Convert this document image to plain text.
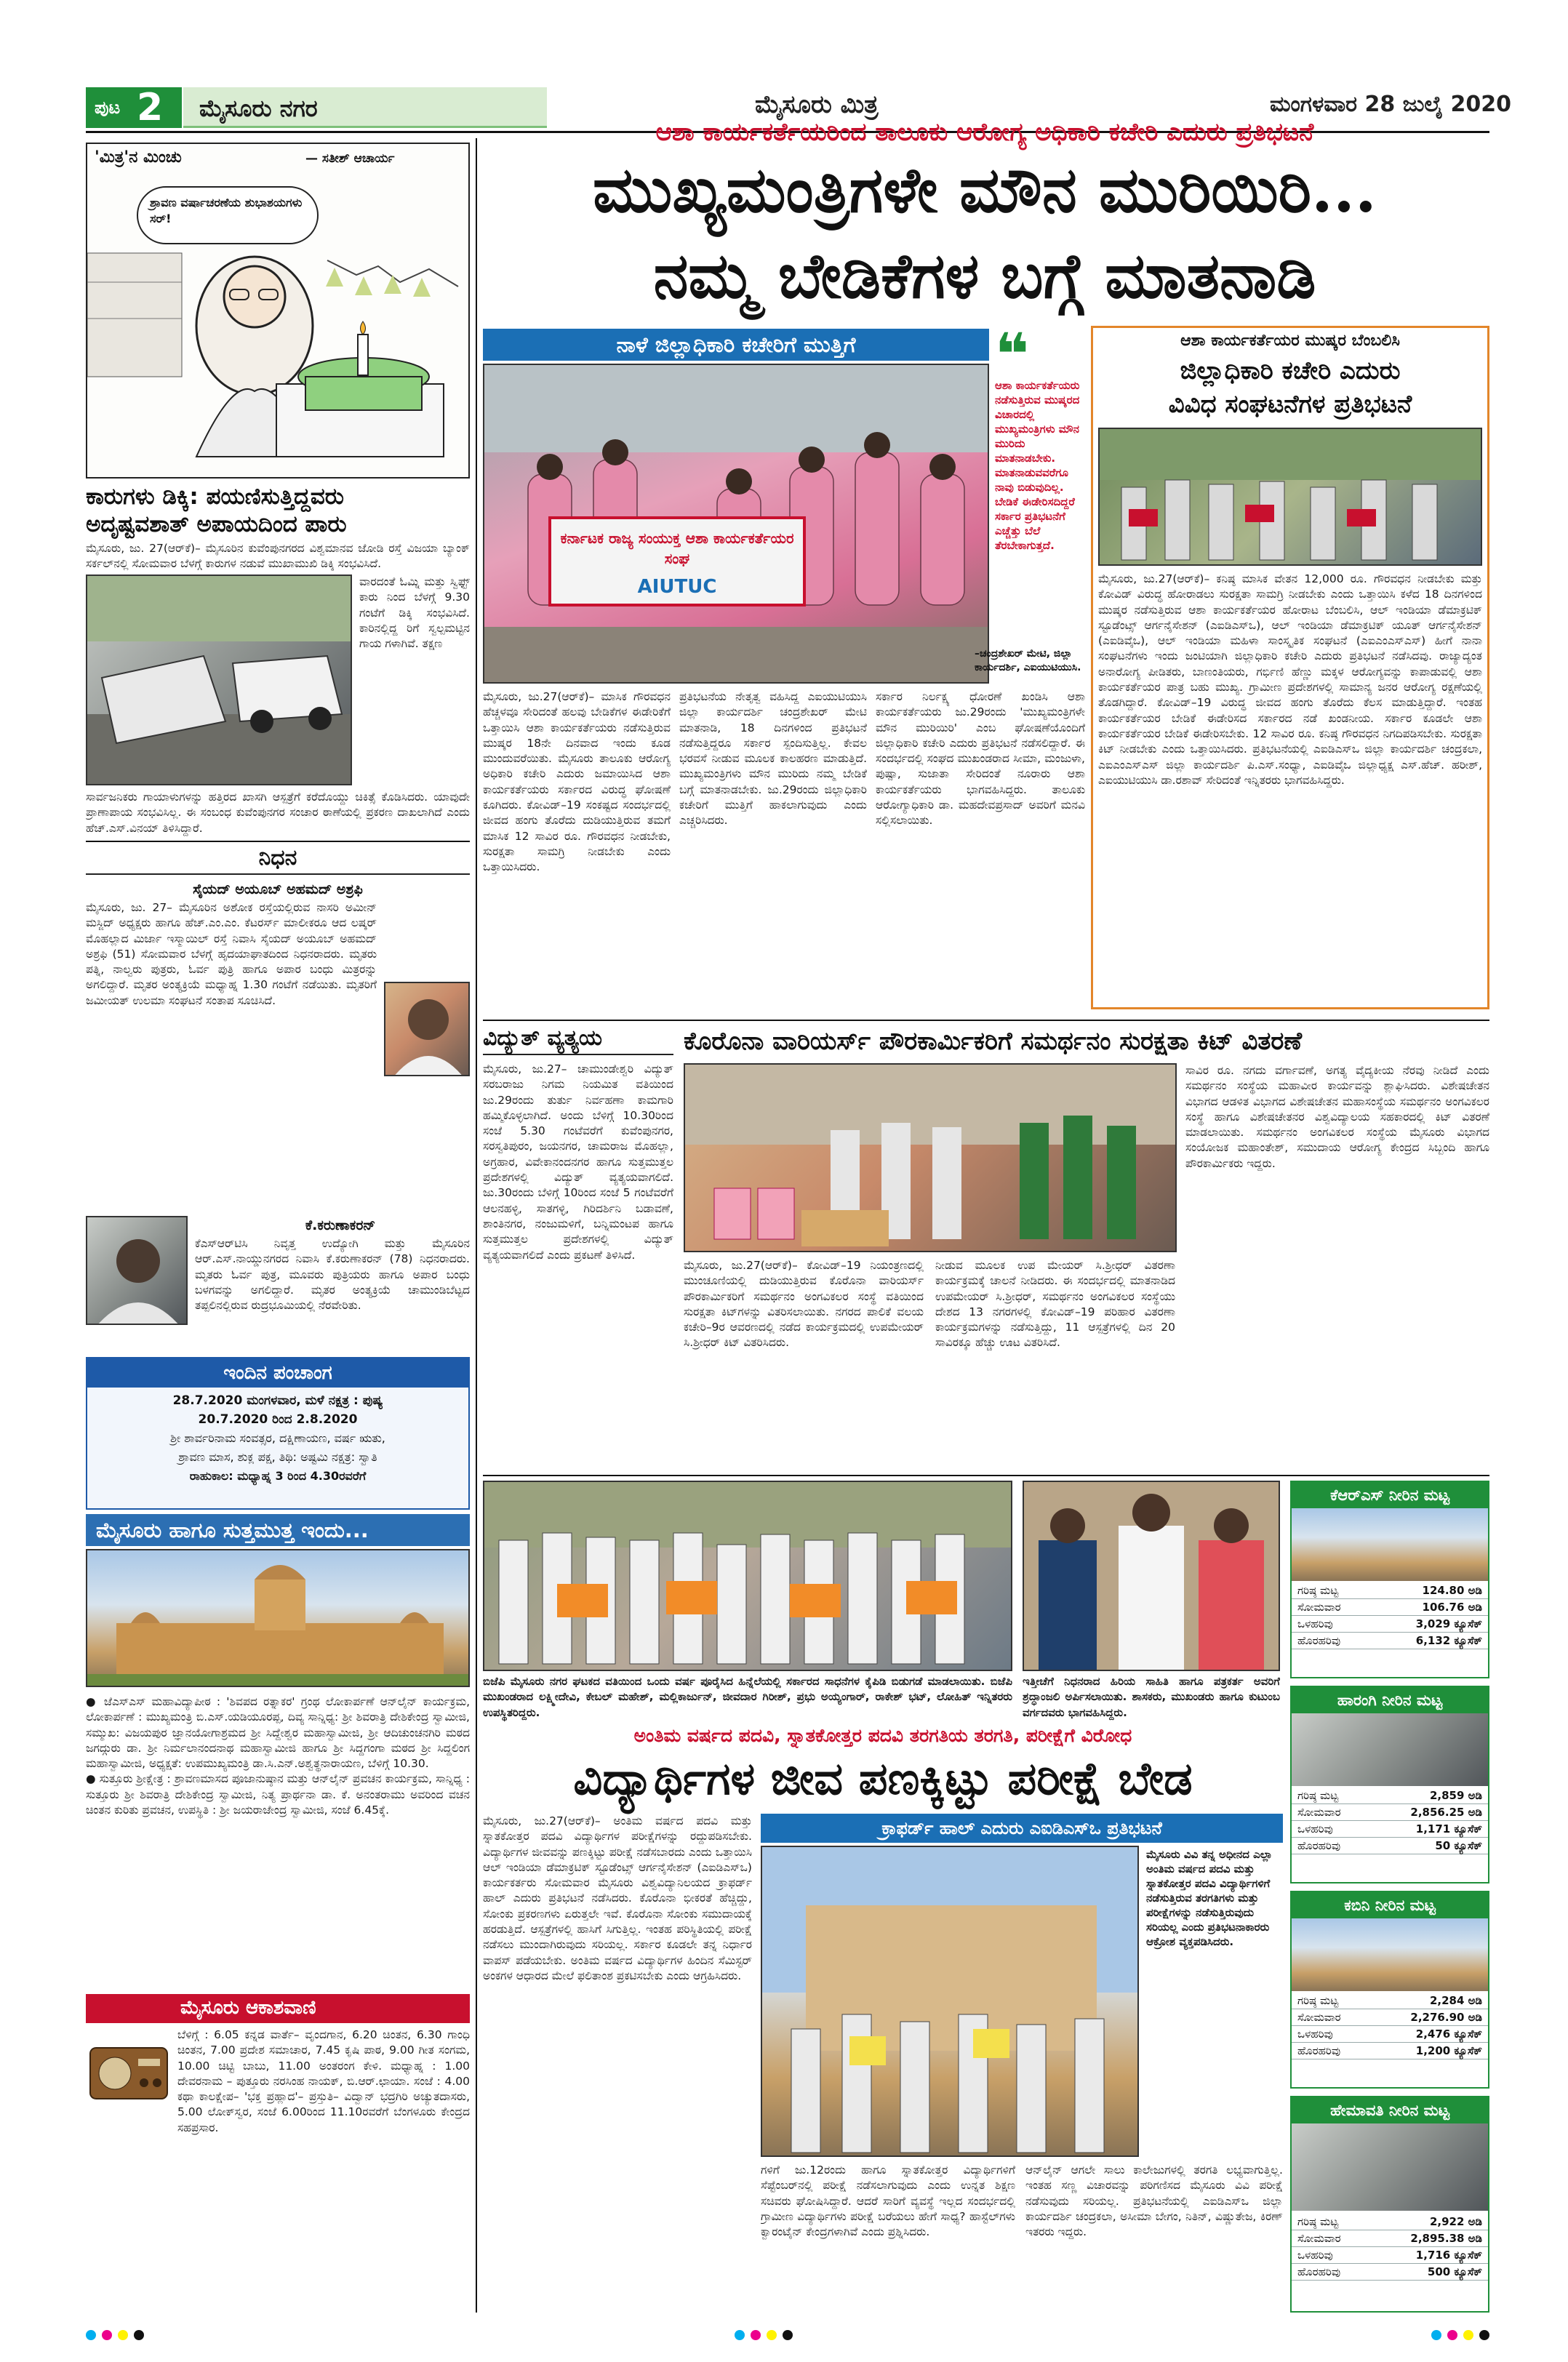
ಪುಟ 2 ಮೈಸೂರು ನಗರ	ಮೈಸೂರು ಮಿತ್ರ	ಮಂಗಳವಾರ 28 ಜುಲೈ 2020
'ಮಿತ್ರ'ನ ಮಿಂಚು	— ಸತೀಶ್ ಆಚಾರ್ಯ
ಶ್ರಾವಣ ವರ್ಷಾಚರಣೆಯ ಶುಭಾಶಯಗಳು ಸರ್!
ಕಾರುಗಳು ಡಿಕ್ಕಿ: ಪಯಣಿಸುತ್ತಿದ್ದವರು
ಅದೃಷ್ಟವಶಾತ್ ಅಪಾಯದಿಂದ ಪಾರು
ಮೈಸೂರು, ಜು. 27(ಆರ್‌ಕೆ)– ಮೈಸೂರಿನ ಕುವೆಂಪುನಗರದ ವಿಶ್ವಮಾನವ ಜೋಡಿ ರಸ್ತೆ ವಿಜಯಾ ಬ್ಯಾಂಕ್ ಸರ್ಕಲ್‌ನಲ್ಲಿ ಸೋಮವಾರ ಬೆಳಗ್ಗೆ ಕಾರುಗಳ ನಡುವೆ ಮುಖಾಮುಖಿ ಡಿಕ್ಕಿ ಸಂಭವಿಸಿದೆ.
ವಾರದಂತೆ ಓಮ್ನಿ ಮತ್ತು ಸ್ವಿಫ್ಟ್ ಕಾರು ನಿಂದ ಬೆಳಗ್ಗೆ 9.30 ಗಂಟೆಗೆ ಡಿಕ್ಕಿ ಸಂಭವಿಸಿದೆ. ಕಾರಿನಲ್ಲಿದ್ದ ರಿಗೆ ಸ್ವಲ್ಪಮಟ್ಟಿನ ಗಾಯ ಗಳಾಗಿವೆ. ತಕ್ಷಣ
ಸಾರ್ವಜನಿಕರು ಗಾಯಾಳುಗಳನ್ನು ಹತ್ತಿರದ ಖಾಸಗಿ ಆಸ್ಪತ್ರೆಗೆ ಕರೆದೊಯ್ದು ಚಿಕಿತ್ಸೆ ಕೊಡಿಸಿದರು. ಯಾವುದೇ ಪ್ರಾಣಾಪಾಯ ಸಂಭವಿಸಿಲ್ಲ. ಈ ಸಂಬಂಧ ಕುವೆಂಪುನಗರ ಸಂಚಾರ ಠಾಣೆಯಲ್ಲಿ ಪ್ರಕರಣ ದಾಖಲಾಗಿದೆ ಎಂದು ಹೆಚ್.ಎಸ್.ವಿನಯ್ ತಿಳಿಸಿದ್ದಾರೆ.
ನಿಧನ
ಸೈಯದ್ ಅಯೂಬ್ ಅಹಮದ್ ಅಶ್ರಫಿ
ಮೈಸೂರು, ಜು. 27– ಮೈಸೂರಿನ ಅಶೋಕ ರಸ್ತೆಯಲ್ಲಿರುವ ನಾಸರಿ ಅಮೀನ್ ಮಸ್ಜಿದ್ ಅಧ್ಯಕ್ಷರು ಹಾಗೂ ಹೆಚ್.ಎಂ.ಎಂ. ಕೆಟರರ್ಸ್ ಮಾಲೀಕರೂ ಆದ ಲಷ್ಕರ್ ಮೊಹಲ್ಲಾದ ಮಿರ್ಜಾ ಇಸ್ಮಾಯಿಲ್ ರಸ್ತೆ ನಿವಾಸಿ ಸೈಯದ್ ಅಯೂಬ್ ಅಹಮದ್ ಅಶ್ರಫಿ (51) ಸೋಮವಾರ ಬೆಳಗ್ಗೆ ಹೃದಯಾಘಾತದಿಂದ ನಿಧನರಾದರು. ಮೃತರು ಪತ್ನಿ, ನಾಲ್ವರು ಪುತ್ರರು, ಓರ್ವ ಪುತ್ರಿ ಹಾಗೂ ಅಪಾರ ಬಂಧು ಮಿತ್ರರನ್ನು ಅಗಲಿದ್ದಾರೆ. ಮೃತರ ಅಂತ್ಯಕ್ರಿಯೆ ಮಧ್ಯಾಹ್ನ 1.30 ಗಂಟೆಗೆ ನಡೆಯಿತು. ಮೃತರಿಗೆ ಜಮೀಯತ್ ಉಲಮಾ ಸಂಘಟನೆ ಸಂತಾಪ ಸೂಚಿಸಿದೆ.
ಕೆ.ಕರುಣಾಕರನ್
ಕೆಎಸ್‌ಆರ್‌ಟಿಸಿ ನಿವೃತ್ತ ಉದ್ಯೋಗಿ ಮತ್ತು ಮೈಸೂರಿನ ಆರ್.ಎಸ್.ನಾಯ್ಡುನಗರದ ನಿವಾಸಿ ಕೆ.ಕರುಣಾಕರನ್ (78) ನಿಧನರಾದರು. ಮೃತರು ಓರ್ವ ಪುತ್ರ, ಮೂವರು ಪುತ್ರಿಯರು ಹಾಗೂ ಅಪಾರ ಬಂಧು ಬಳಗವನ್ನು ಅಗಲಿದ್ದಾರೆ. ಮೃತರ ಅಂತ್ಯಕ್ರಿಯೆ ಚಾಮುಂಡಿಬೆಟ್ಟದ ತಪ್ಪಲಿನಲ್ಲಿರುವ ರುದ್ರಭೂಮಿಯಲ್ಲಿ ನೆರವೇರಿತು.
ಇಂದಿನ ಪಂಚಾಂಗ
28.7.2020 ಮಂಗಳವಾರ, ಮಳೆ ನಕ್ಷತ್ರ : ಪುಷ್ಯ
20.7.2020 ರಿಂದ 2.8.2020
ಶ್ರೀ ಶಾರ್ವರಿನಾಮ ಸಂವತ್ಸರ, ದಕ್ಷಿಣಾಯಣ, ವರ್ಷ ಋತು,
ಶ್ರಾವಣ ಮಾಸ, ಶುಕ್ಲ ಪಕ್ಷ, ತಿಥಿ: ಅಷ್ಟಮಿ ನಕ್ಷತ್ರ: ಸ್ವಾತಿ
ರಾಹುಕಾಲ: ಮಧ್ಯಾಹ್ನ 3 ರಿಂದ 4.30ರವರೆಗೆ
ಮೈಸೂರು ಹಾಗೂ ಸುತ್ತಮುತ್ತ ಇಂದು...
● ಜೆಎಸ್‌ಎಸ್ ಮಹಾವಿದ್ಯಾಪೀಠ : 'ಶಿವಪದ ರತ್ನಾಕರ' ಗ್ರಂಥ ಲೋಕಾರ್ಪಣೆ ಆನ್‌ಲೈನ್ ಕಾರ್ಯಕ್ರಮ, ಲೋಕಾರ್ಪಣೆ : ಮುಖ್ಯಮಂತ್ರಿ ಬಿ.ಎಸ್.ಯಡಿಯೂರಪ್ಪ, ದಿವ್ಯ ಸಾನ್ನಿಧ್ಯ: ಶ್ರೀ ಶಿವರಾತ್ರಿ ದೇಶಿಕೇಂದ್ರ ಸ್ವಾಮೀಜಿ, ಸಮ್ಮುಖ: ವಿಜಯಪುರ ಜ್ಞಾನಯೋಗಾಶ್ರಮದ ಶ್ರೀ ಸಿದ್ದೇಶ್ವರ ಮಹಾಸ್ವಾಮೀಜಿ, ಶ್ರೀ ಆದಿಚುಂಚನಗಿರಿ ಮಠದ ಜಗದ್ಗುರು ಡಾ. ಶ್ರೀ ನಿರ್ಮಲಾನಂದನಾಥ ಮಹಾಸ್ವಾಮೀಜಿ ಹಾಗೂ ಶ್ರೀ ಸಿದ್ದಗಂಗಾ ಮಠದ ಶ್ರೀ ಸಿದ್ದಲಿಂಗ ಮಹಾಸ್ವಾಮೀಜಿ, ಅಧ್ಯಕ್ಷತೆ: ಉಪಮುಖ್ಯಮಂತ್ರಿ ಡಾ.ಸಿ.ಎನ್.ಅಶ್ವತ್ಥನಾರಾಯಣ, ಬೆಳಿಗ್ಗೆ 10.30.
● ಸುತ್ತೂರು ಶ್ರೀಕ್ಷೇತ್ರ : ಶ್ರಾವಣಮಾಸದ ಪೂಜಾನುಷ್ಠಾನ ಮತ್ತು ಆನ್‌ಲೈನ್ ಪ್ರವಚನ ಕಾರ್ಯಕ್ರಮ, ಸಾನ್ನಿಧ್ಯ : ಸುತ್ತೂರು ಶ್ರೀ ಶಿವರಾತ್ರಿ ದೇಶಿಕೇಂದ್ರ ಸ್ವಾಮೀಜಿ, ನಿತ್ಯ ಪ್ರಾರ್ಥನಾ ಡಾ. ಕೆ. ಅನಂತರಾಮು ಅವರಿಂದ ವಚನ ಚಿಂತನ ಕುರಿತು ಪ್ರವಚನ, ಉಪಸ್ಥಿತಿ : ಶ್ರೀ ಜಯರಾಜೇಂದ್ರ ಸ್ವಾಮೀಜಿ, ಸಂಜೆ 6.45ಕ್ಕೆ.
ಮೈಸೂರು ಆಕಾಶವಾಣಿ
ಬೆಳಿಗ್ಗೆ : 6.05 ಕನ್ನಡ ವಾರ್ತೆ– ವೃಂದಗಾನ, 6.20 ಚಿಂತನ, 6.30 ಗಾಂಧಿ ಚಿಂತನ, 7.00 ಪ್ರದೇಶ ಸಮಾಚಾರ, 7.45 ಕೃಷಿ ಪಾಠ, 9.00 ಗೀತ ಸಂಗಮ, 10.00 ಚಿಟ್ಟಿ ಬಾಬು, 11.00 ಅಂತರಂಗ ಕೇಳಿ. ಮಧ್ಯಾಹ್ನ : 1.00 ದೇವರನಾಮ – ಪುತ್ತೂರು ನರಸಿಂಹ ನಾಯಕ್, ಬಿ.ಆರ್.ಛಾಯಾ. ಸಂಜೆ : 4.00 ಕಥಾ ಕಾಲಕ್ಷೇಪ– 'ಭಕ್ತ ಪ್ರಹ್ಲಾದ'– ಪ್ರಸ್ತುತಿ– ವಿದ್ವಾನ್ ಭದ್ರಗಿರಿ ಅಚ್ಯುತದಾಸರು, 5.00 ಲೋಕ್‌ಸ್ವರ, ಸಂಜೆ 6.00ರಿಂದ 11.10ರವರೆಗೆ ಬೆಂಗಳೂರು ಕೇಂದ್ರದ ಸಹಪ್ರಸಾರ.
ಆಶಾ ಕಾರ್ಯಕರ್ತೆಯರಿಂದ ತಾಲೂಕು ಆರೋಗ್ಯ ಅಧಿಕಾರಿ ಕಚೇರಿ ಎದುರು ಪ್ರತಿಭಟನೆ
ಮುಖ್ಯಮಂತ್ರಿಗಳೇ ಮೌನ ಮುರಿಯಿರಿ...
ನಮ್ಮ ಬೇಡಿಕೆಗಳ ಬಗ್ಗೆ ಮಾತನಾಡಿ
ನಾಳೆ ಜಿಲ್ಲಾಧಿಕಾರಿ ಕಚೇರಿಗೆ ಮುತ್ತಿಗೆ
ಕರ್ನಾಟಕ ರಾಜ್ಯ ಸಂಯುಕ್ತ ಆಶಾ ಕಾರ್ಯಕರ್ತೆಯರ ಸಂಘ
AIUTUC
❝
ಆಶಾ ಕಾರ್ಯಕರ್ತೆಯರು ನಡೆಸುತ್ತಿರುವ ಮುಷ್ಕರದ ವಿಚಾರದಲ್ಲಿ ಮುಖ್ಯಮಂತ್ರಿಗಳು ಮೌನ ಮುರಿದು ಮಾತನಾಡಬೇಕು. ಮಾತನಾಡುವವರೆಗೂ ನಾವು ಬಿಡುವುದಿಲ್ಲ. ಬೇಡಿಕೆ ಈಡೇರಿಸದಿದ್ದರೆ ಸರ್ಕಾರ ಪ್ರತಿಭಟನೆಗೆ ಎಚ್ಚೆತ್ತು ಬೆಲೆ ತೆರಬೇಕಾಗುತ್ತದೆ.
–ಚಂದ್ರಶೇಖರ್ ಮೇಟಿ, ಜಿಲ್ಲಾ ಕಾರ್ಯದರ್ಶಿ, ಎಐಯುಟಿಯುಸಿ.
ಮೈಸೂರು, ಜು.27(ಆರ್‌ಕೆ)– ಮಾಸಿಕ ಗೌರವಧನ ಹೆಚ್ಚಳವೂ ಸೇರಿದಂತೆ ಹಲವು ಬೇಡಿಕೆಗಳ ಈಡೇರಿಕೆಗೆ ಒತ್ತಾಯಿಸಿ ಆಶಾ ಕಾರ್ಯಕರ್ತೆಯರು ನಡೆಸುತ್ತಿರುವ ಮುಷ್ಕರ 18ನೇ ದಿನವಾದ ಇಂದು ಕೂಡ ಮುಂದುವರೆಯಿತು. ಮೈಸೂರು ತಾಲೂಕು ಆರೋಗ್ಯ ಅಧಿಕಾರಿ ಕಚೇರಿ ಎದುರು ಜಮಾಯಿಸಿದ ಆಶಾ ಕಾರ್ಯಕರ್ತೆಯರು ಸರ್ಕಾರದ ವಿರುದ್ಧ ಘೋಷಣೆ ಕೂಗಿದರು. ಕೋವಿಡ್–19 ಸಂಕಷ್ಟದ ಸಂದರ್ಭದಲ್ಲಿ ಜೀವದ ಹಂಗು ತೊರೆದು ದುಡಿಯುತ್ತಿರುವ ತಮಗೆ ಮಾಸಿಕ 12 ಸಾವಿರ ರೂ. ಗೌರವಧನ ನೀಡಬೇಕು, ಸುರಕ್ಷತಾ ಸಾಮಗ್ರಿ ನೀಡಬೇಕು ಎಂದು ಒತ್ತಾಯಿಸಿದರು.
ಪ್ರತಿಭಟನೆಯ ನೇತೃತ್ವ ವಹಿಸಿದ್ದ ಎಐಯುಟಿಯುಸಿ ಜಿಲ್ಲಾ ಕಾರ್ಯದರ್ಶಿ ಚಂದ್ರಶೇಖರ್ ಮೇಟಿ ಮಾತನಾಡಿ, 18 ದಿನಗಳಿಂದ ಪ್ರತಿಭಟನೆ ನಡೆಸುತ್ತಿದ್ದರೂ ಸರ್ಕಾರ ಸ್ಪಂದಿಸುತ್ತಿಲ್ಲ. ಕೇವಲ ಭರವಸೆ ನೀಡುವ ಮೂಲಕ ಕಾಲಹರಣ ಮಾಡುತ್ತಿದೆ. ಮುಖ್ಯಮಂತ್ರಿಗಳು ಮೌನ ಮುರಿದು ನಮ್ಮ ಬೇಡಿಕೆ ಬಗ್ಗೆ ಮಾತನಾಡಬೇಕು. ಜು.29ರಂದು ಜಿಲ್ಲಾಧಿಕಾರಿ ಕಚೇರಿಗೆ ಮುತ್ತಿಗೆ ಹಾಕಲಾಗುವುದು ಎಂದು ಎಚ್ಚರಿಸಿದರು.
ಸರ್ಕಾರ ನಿರ್ಲಕ್ಷ್ಯ ಧೋರಣೆ ಖಂಡಿಸಿ ಆಶಾ ಕಾರ್ಯಕರ್ತೆಯರು ಜು.29ರಂದು 'ಮುಖ್ಯಮಂತ್ರಿಗಳೇ ಮೌನ ಮುರಿಯಿರಿ' ಎಂಬ ಘೋಷಣೆಯೊಂದಿಗೆ ಜಿಲ್ಲಾಧಿಕಾರಿ ಕಚೇರಿ ಎದುರು ಪ್ರತಿಭಟನೆ ನಡೆಸಲಿದ್ದಾರೆ. ಈ ಸಂದರ್ಭದಲ್ಲಿ ಸಂಘದ ಮುಖಂಡರಾದ ಸೀಮಾ, ಮಂಜುಳಾ, ಪುಷ್ಪಾ, ಸುಜಾತಾ ಸೇರಿದಂತೆ ನೂರಾರು ಆಶಾ ಕಾರ್ಯಕರ್ತೆಯರು ಭಾಗವಹಿಸಿದ್ದರು. ತಾಲೂಕು ಆರೋಗ್ಯಾಧಿಕಾರಿ ಡಾ. ಮಹದೇವಪ್ರಸಾದ್ ಅವರಿಗೆ ಮನವಿ ಸಲ್ಲಿಸಲಾಯಿತು.
ಆಶಾ ಕಾರ್ಯಕರ್ತೆಯರ ಮುಷ್ಕರ ಬೆಂಬಲಿಸಿ
ಜಿಲ್ಲಾಧಿಕಾರಿ ಕಚೇರಿ ಎದುರು
ವಿವಿಧ ಸಂಘಟನೆಗಳ ಪ್ರತಿಭಟನೆ
ಮೈಸೂರು, ಜು.27(ಆರ್‌ಕೆ)– ಕನಿಷ್ಠ ಮಾಸಿಕ ವೇತನ 12,000 ರೂ. ಗೌರವಧನ ನೀಡಬೇಕು ಮತ್ತು ಕೋವಿಡ್ ವಿರುದ್ಧ ಹೋರಾಡಲು ಸುರಕ್ಷತಾ ಸಾಮಗ್ರಿ ನೀಡಬೇಕು ಎಂದು ಒತ್ತಾಯಿಸಿ ಕಳೆದ 18 ದಿನಗಳಿಂದ ಮುಷ್ಕರ ನಡೆಸುತ್ತಿರುವ ಆಶಾ ಕಾರ್ಯಕರ್ತೆಯರ ಹೋರಾಟ ಬೆಂಬಲಿಸಿ, ಆಲ್ ಇಂಡಿಯಾ ಡೆಮಾಕ್ರಟಿಕ್ ಸ್ಟೂಡೆಂಟ್ಸ್ ಆರ್ಗನೈಸೇಶನ್ (ಎಐಡಿಎಸ್‌ಒ), ಆಲ್ ಇಂಡಿಯಾ ಡೆಮಾಕ್ರಟಿಕ್ ಯೂತ್ ಆರ್ಗನೈಸೇಶನ್ (ಎಐಡಿವೈಒ), ಆಲ್ ಇಂಡಿಯಾ ಮಹಿಳಾ ಸಾಂಸ್ಕೃತಿಕ ಸಂಘಟನೆ (ಎಐಎಂಎಸ್‌ಎಸ್) ಹೀಗೆ ನಾನಾ ಸಂಘಟನೆಗಳು ಇಂದು ಜಂಟಿಯಾಗಿ ಜಿಲ್ಲಾಧಿಕಾರಿ ಕಚೇರಿ ಎದುರು ಪ್ರತಿಭಟನೆ ನಡೆಸಿದವು. ರಾಜ್ಯಾದ್ಯಂತ ಅನಾರೋಗ್ಯ ಪೀಡಿತರು, ಬಾಣಂತಿಯರು, ಗರ್ಭಿಣಿ ಹೆಣ್ಣು ಮಕ್ಕಳ ಆರೋಗ್ಯವನ್ನು ಕಾಪಾಡುವಲ್ಲಿ ಆಶಾ ಕಾರ್ಯಕರ್ತೆಯರ ಪಾತ್ರ ಬಹು ಮುಖ್ಯ. ಗ್ರಾಮೀಣ ಪ್ರದೇಶಗಳಲ್ಲಿ ಸಾಮಾನ್ಯ ಜನರ ಆರೋಗ್ಯ ರಕ್ಷಣೆಯಲ್ಲಿ ತೊಡಗಿದ್ದಾರೆ. ಕೋವಿಡ್–19 ವಿರುದ್ಧ ಜೀವದ ಹಂಗು ತೊರೆದು ಕೆಲಸ ಮಾಡುತ್ತಿದ್ದಾರೆ. ಇಂತಹ ಕಾರ್ಯಕರ್ತೆಯರ ಬೇಡಿಕೆ ಈಡೇರಿಸದ ಸರ್ಕಾರದ ನಡೆ ಖಂಡನೀಯ. ಸರ್ಕಾರ ಕೂಡಲೇ ಆಶಾ ಕಾರ್ಯಕರ್ತೆಯರ ಬೇಡಿಕೆ ಈಡೇರಿಸಬೇಕು. 12 ಸಾವಿರ ರೂ. ಕನಿಷ್ಠ ಗೌರವಧನ ನಿಗದಿಪಡಿಸಬೇಕು. ಸುರಕ್ಷತಾ ಕಿಟ್ ನೀಡಬೇಕು ಎಂದು ಒತ್ತಾಯಿಸಿದರು. ಪ್ರತಿಭಟನೆಯಲ್ಲಿ ಎಐಡಿಎಸ್‌ಒ ಜಿಲ್ಲಾ ಕಾರ್ಯದರ್ಶಿ ಚಂದ್ರಕಲಾ, ಎಐಎಂಎಸ್‌ಎಸ್ ಜಿಲ್ಲಾ ಕಾರ್ಯದರ್ಶಿ ಪಿ.ಎಸ್.ಸಂಧ್ಯಾ, ಎಐಡಿವೈಒ ಜಿಲ್ಲಾಧ್ಯಕ್ಷ ಎಸ್.ಹೆಚ್. ಹರೀಶ್, ಎಐಯುಟಿಯುಸಿ ಡಾ.ರಶಾವ್ ಸೇರಿದಂತೆ ಇನ್ನಿತರರು ಭಾಗವಹಿಸಿದ್ದರು.
ವಿದ್ಯುತ್ ವ್ಯತ್ಯಯ
ಮೈಸೂರು, ಜು.27– ಚಾಮುಂಡೇಶ್ವರಿ ವಿದ್ಯುತ್ ಸರಬರಾಜು ನಿಗಮ ನಿಯಮಿತ ವತಿಯಿಂದ ಜು.29ರಂದು ತುರ್ತು ನಿರ್ವಹಣಾ ಕಾಮಗಾರಿ ಹಮ್ಮಿಕೊಳ್ಳಲಾಗಿದೆ. ಅಂದು ಬೆಳಿಗ್ಗೆ 10.30ರಿಂದ ಸಂಜೆ 5.30 ಗಂಟೆವರೆಗೆ ಕುವೆಂಪುನಗರ, ಸರಸ್ವತಿಪುರಂ, ಜಯನಗರ, ಚಾಮರಾಜ ಮೊಹಲ್ಲಾ, ಅಗ್ರಹಾರ, ವಿವೇಕಾನಂದನಗರ ಹಾಗೂ ಸುತ್ತಮುತ್ತಲ ಪ್ರದೇಶಗಳಲ್ಲಿ ವಿದ್ಯುತ್ ವ್ಯತ್ಯಯವಾಗಲಿದೆ. ಜು.30ರಂದು ಬೆಳಿಗ್ಗೆ 10ರಿಂದ ಸಂಜೆ 5 ಗಂಟೆವರೆಗೆ ಆಲನಹಳ್ಳಿ, ಸಾತಗಳ್ಳಿ, ಗಿರಿದರ್ಶಿನಿ ಬಡಾವಣೆ, ಶಾಂತಿನಗರ, ನಂಜುಮಳಿಗೆ, ಬನ್ನಿಮಂಟಪ ಹಾಗೂ ಸುತ್ತಮುತ್ತಲ ಪ್ರದೇಶಗಳಲ್ಲಿ ವಿದ್ಯುತ್ ವ್ಯತ್ಯಯವಾಗಲಿದೆ ಎಂದು ಪ್ರಕಟಣೆ ತಿಳಿಸಿದೆ.
ಕೊರೊನಾ ವಾರಿಯರ್ಸ್ ಪೌರಕಾರ್ಮಿಕರಿಗೆ ಸಮರ್ಥನಂ ಸುರಕ್ಷತಾ ಕಿಟ್ ವಿತರಣೆ
ಮೈಸೂರು, ಜು.27(ಆರ್‌ಕೆ)– ಕೋವಿಡ್–19 ನಿಯಂತ್ರಣದಲ್ಲಿ ಮುಂಚೂಣಿಯಲ್ಲಿ ದುಡಿಯುತ್ತಿರುವ ಕೊರೊನಾ ವಾರಿಯರ್ಸ್ ಪೌರಕಾರ್ಮಿಕರಿಗೆ ಸಮರ್ಥನಂ ಅಂಗವಿಕಲರ ಸಂಸ್ಥೆ ವತಿಯಿಂದ ಸುರಕ್ಷತಾ ಕಿಟ್‌ಗಳನ್ನು ವಿತರಿಸಲಾಯಿತು. ನಗರದ ಪಾಲಿಕೆ ವಲಯ ಕಚೇರಿ–9ರ ಆವರಣದಲ್ಲಿ ನಡೆದ ಕಾರ್ಯಕ್ರಮದಲ್ಲಿ ಉಪಮೇಯರ್ ಸಿ.ಶ್ರೀಧರ್ ಕಿಟ್ ವಿತರಿಸಿದರು.
ನೀಡುವ ಮೂಲಕ ಉಪ ಮೇಯರ್ ಸಿ.ಶ್ರೀಧರ್ ವಿತರಣಾ ಕಾರ್ಯಕ್ರಮಕ್ಕೆ ಚಾಲನೆ ನೀಡಿದರು. ಈ ಸಂದರ್ಭದಲ್ಲಿ ಮಾತನಾಡಿದ ಉಪಮೇಯರ್ ಸಿ.ಶ್ರೀಧರ್, ಸಮರ್ಥನಂ ಅಂಗವಿಕಲರ ಸಂಸ್ಥೆಯು ದೇಶದ 13 ನಗರಗಳಲ್ಲಿ ಕೋವಿಡ್–19 ಪರಿಹಾರ ವಿತರಣಾ ಕಾರ್ಯಕ್ರಮಗಳನ್ನು ನಡೆಸುತ್ತಿದ್ದು, 11 ಆಸ್ಪತ್ರೆಗಳಲ್ಲಿ ದಿನ 20 ಸಾವಿರಕ್ಕೂ ಹೆಚ್ಚು ಊಟ ವಿತರಿಸಿದೆ.
ಸಾವಿರ ರೂ. ನಗದು ವರ್ಗಾವಣೆ, ಅಗತ್ಯ ವೈದ್ಯಕೀಯ ನೆರವು ನೀಡಿದೆ ಎಂದು ಸಮರ್ಥನಂ ಸಂಸ್ಥೆಯ ಮಹಾವೀರ ಕಾರ್ಯವನ್ನು ಶ್ಲಾಘಿಸಿದರು. ವಿಶೇಷಚೇತನ ವಿಭಾಗದ ಆಡಳಿತ ವಿಭಾಗದ ವಿಶೇಷಚೇತನ ಮಹಾಸಂಸ್ಥೆಯ ಸಮರ್ಥನಂ ಅಂಗವಿಕಲರ ಸಂಸ್ಥೆ ಹಾಗೂ ವಿಶೇಷಚೇತನರ ವಿಶ್ವವಿದ್ಯಾಲಯ ಸಹಕಾರದಲ್ಲಿ ಕಿಟ್ ವಿತರಣೆ ಮಾಡಲಾಯಿತು. ಸಮರ್ಥನಂ ಅಂಗವಿಕಲರ ಸಂಸ್ಥೆಯ ಮೈಸೂರು ವಿಭಾಗದ ಸಂಯೋಜಕ ಮಹಾಂತೇಶ್, ಸಮುದಾಯ ಆರೋಗ್ಯ ಕೇಂದ್ರದ ಸಿಬ್ಬಂದಿ ಹಾಗೂ ಪೌರಕಾರ್ಮಿಕರು ಇದ್ದರು.
ಬಿಜೆಪಿ ಮೈಸೂರು ನಗರ ಘಟಕದ ವತಿಯಿಂದ ಒಂದು ವರ್ಷ ಪೂರೈಸಿದ ಹಿನ್ನೆಲೆಯಲ್ಲಿ ಸರ್ಕಾರದ ಸಾಧನೆಗಳ ಕೈಪಿಡಿ ಬಿಡುಗಡೆ ಮಾಡಲಾಯಿತು. ಬಿಜೆಪಿ ಮುಖಂಡರಾದ ಲಕ್ಷ್ಮೀದೇವಿ, ಕೇಬಲ್ ಮಹೇಶ್, ಮಲ್ಲಿಕಾರ್ಜುನ್, ಜೀವದಾರ ಗಿರೀಶ್, ಪ್ರಭು ಅಯ್ಯಂಗಾರ್, ರಾಕೇಶ್ ಭಟ್, ಲೋಹಿತ್ ಇನ್ನಿತರರು ಉಪಸ್ಥಿತರಿದ್ದರು.
ಇತ್ತೀಚೆಗೆ ನಿಧನರಾದ ಹಿರಿಯ ಸಾಹಿತಿ ಹಾಗೂ ಪತ್ರಕರ್ತ ಅವರಿಗೆ ಶ್ರದ್ಧಾಂಜಲಿ ಅರ್ಪಿಸಲಾಯಿತು. ಶಾಸಕರು, ಮುಖಂಡರು ಹಾಗೂ ಕುಟುಂಬ ವರ್ಗದವರು ಭಾಗವಹಿಸಿದ್ದರು.
ಅಂತಿಮ ವರ್ಷದ ಪದವಿ, ಸ್ನಾತಕೋತ್ತರ ಪದವಿ ತರಗತಿಯ ತರಗತಿ, ಪರೀಕ್ಷೆಗೆ ವಿರೋಧ
ವಿದ್ಯಾರ್ಥಿಗಳ ಜೀವ ಪಣಕ್ಕಿಟ್ಟು ಪರೀಕ್ಷೆ ಬೇಡ
ಮೈಸೂರು, ಜು.27(ಆರ್‌ಕೆ)– ಅಂತಿಮ ವರ್ಷದ ಪದವಿ ಮತ್ತು ಸ್ನಾತಕೋತ್ತರ ಪದವಿ ವಿದ್ಯಾರ್ಥಿಗಳ ಪರೀಕ್ಷೆಗಳನ್ನು ರದ್ದುಪಡಿಸಬೇಕು. ವಿದ್ಯಾರ್ಥಿಗಳ ಜೀವವನ್ನು ಪಣಕ್ಕಿಟ್ಟು ಪರೀಕ್ಷೆ ನಡೆಸಬಾರದು ಎಂದು ಒತ್ತಾಯಿಸಿ ಆಲ್ ಇಂಡಿಯಾ ಡೆಮಾಕ್ರಟಿಕ್ ಸ್ಟೂಡೆಂಟ್ಸ್ ಆರ್ಗನೈಸೇಶನ್ (ಎಐಡಿಎಸ್‌ಒ) ಕಾರ್ಯಕರ್ತರು ಸೋಮವಾರ ಮೈಸೂರು ವಿಶ್ವವಿದ್ಯಾನಿಲಯದ ಕ್ರಾಫರ್ಡ್ ಹಾಲ್ ಎದುರು ಪ್ರತಿಭಟನೆ ನಡೆಸಿದರು. ಕೊರೊನಾ ಭೀಕರತೆ ಹೆಚ್ಚಿದ್ದು, ಸೋಂಕು ಪ್ರಕರಣಗಳು ಏರುತ್ತಲೇ ಇವೆ. ಕೊರೊನಾ ಸೋಂಕು ಸಮುದಾಯಕ್ಕೆ ಹರಡುತ್ತಿದೆ. ಆಸ್ಪತ್ರೆಗಳಲ್ಲಿ ಹಾಸಿಗೆ ಸಿಗುತ್ತಿಲ್ಲ. ಇಂತಹ ಪರಿಸ್ಥಿತಿಯಲ್ಲಿ ಪರೀಕ್ಷೆ ನಡೆಸಲು ಮುಂದಾಗಿರುವುದು ಸರಿಯಲ್ಲ. ಸರ್ಕಾರ ಕೂಡಲೇ ತನ್ನ ನಿರ್ಧಾರ ವಾಪಸ್ ಪಡೆಯಬೇಕು. ಅಂತಿಮ ವರ್ಷದ ವಿದ್ಯಾರ್ಥಿಗಳ ಹಿಂದಿನ ಸೆಮಿಸ್ಟರ್ ಅಂಕಗಳ ಆಧಾರದ ಮೇಲೆ ಫಲಿತಾಂಶ ಪ್ರಕಟಿಸಬೇಕು ಎಂದು ಆಗ್ರಹಿಸಿದರು.
ಕ್ರಾಫರ್ಡ್ ಹಾಲ್ ಎದುರು ಎಐಡಿಎಸ್‌ಒ ಪ್ರತಿಭಟನೆ
ಮೈಸೂರು ವಿವಿ ತನ್ನ ಅಧೀನದ ಎಲ್ಲಾ ಅಂತಿಮ ವರ್ಷದ ಪದವಿ ಮತ್ತು ಸ್ನಾತಕೋತ್ತರ ಪದವಿ ವಿದ್ಯಾರ್ಥಿಗಳಿಗೆ ನಡೆಸುತ್ತಿರುವ ತರಗತಿಗಳು ಮತ್ತು ಪರೀಕ್ಷೆಗಳನ್ನು ನಡೆಸುತ್ತಿರುವುದು ಸರಿಯಲ್ಲ ಎಂದು ಪ್ರತಿಭಟನಾಕಾರರು ಆಕ್ರೋಶ ವ್ಯಕ್ತಪಡಿಸಿದರು.
ಗಳಿಗೆ ಜು.12ರಂದು ಹಾಗೂ ಸ್ನಾತಕೋತ್ತರ ವಿದ್ಯಾರ್ಥಿಗಳಿಗೆ ಸೆಪ್ಟೆಂಬರ್‌ನಲ್ಲಿ ಪರೀಕ್ಷೆ ನಡೆಸಲಾಗುವುದು ಎಂದು ಉನ್ನತ ಶಿಕ್ಷಣ ಸಚಿವರು ಘೋಷಿಸಿದ್ದಾರೆ. ಆದರೆ ಸಾರಿಗೆ ವ್ಯವಸ್ಥೆ ಇಲ್ಲದ ಸಂದರ್ಭದಲ್ಲಿ ಗ್ರಾಮೀಣ ವಿದ್ಯಾರ್ಥಿಗಳು ಪರೀಕ್ಷೆ ಬರೆಯಲು ಹೇಗೆ ಸಾಧ್ಯ? ಹಾಸ್ಟೆಲ್‌ಗಳು ಕ್ವಾರಂಟೈನ್ ಕೇಂದ್ರಗಳಾಗಿವೆ ಎಂದು ಪ್ರಶ್ನಿಸಿದರು.
ಆನ್‌ಲೈನ್ ಆಗಲೇ ಸಾಲು ಕಾಲೇಜುಗಳಲ್ಲಿ ತರಗತಿ ಲಭ್ಯವಾಗುತ್ತಿಲ್ಲ. ಇಂತಹ ಸಣ್ಣ ವಿಚಾರವನ್ನು ಪರಿಗಣಿಸದ ಮೈಸೂರು ವಿವಿ ಪರೀಕ್ಷೆ ನಡೆಸುವುದು ಸರಿಯಲ್ಲ. ಪ್ರತಿಭಟನೆಯಲ್ಲಿ ಎಐಡಿಎಸ್‌ಒ ಜಿಲ್ಲಾ ಕಾರ್ಯದರ್ಶಿ ಚಂದ್ರಕಲಾ, ಅಸೀಮಾ ಬೇಗಂ, ನಿತಿನ್, ವಿಷ್ಣುತೇಜ, ಕಿರಣ್ ಇತರರು ಇದ್ದರು.
ಕೆಆರ್‌ಎಸ್ ನೀರಿನ ಮಟ್ಟ
ಗರಿಷ್ಠ ಮಟ್ಟ	124.80 ಅಡಿ
ಸೋಮವಾರ	106.76 ಅಡಿ
ಒಳಹರಿವು	3,029 ಕ್ಯೂಸೆಕ್
ಹೊರಹರಿವು	6,132 ಕ್ಯೂಸೆಕ್
ಹಾರಂಗಿ ನೀರಿನ ಮಟ್ಟ
ಗರಿಷ್ಠ ಮಟ್ಟ	2,859 ಅಡಿ
ಸೋಮವಾರ	2,856.25 ಅಡಿ
ಒಳಹರಿವು	1,171 ಕ್ಯೂಸೆಕ್
ಹೊರಹರಿವು	50 ಕ್ಯೂಸೆಕ್
ಕಬಿನಿ ನೀರಿನ ಮಟ್ಟ
ಗರಿಷ್ಠ ಮಟ್ಟ	2,284 ಅಡಿ
ಸೋಮವಾರ	2,276.90 ಅಡಿ
ಒಳಹರಿವು	2,476 ಕ್ಯೂಸೆಕ್
ಹೊರಹರಿವು	1,200 ಕ್ಯೂಸೆಕ್
ಹೇಮಾವತಿ ನೀರಿನ ಮಟ್ಟ
ಗರಿಷ್ಠ ಮಟ್ಟ	2,922 ಅಡಿ
ಸೋಮವಾರ	2,895.38 ಅಡಿ
ಒಳಹರಿವು	1,716 ಕ್ಯೂಸೆಕ್
ಹೊರಹರಿವು	500 ಕ್ಯೂಸೆಕ್
